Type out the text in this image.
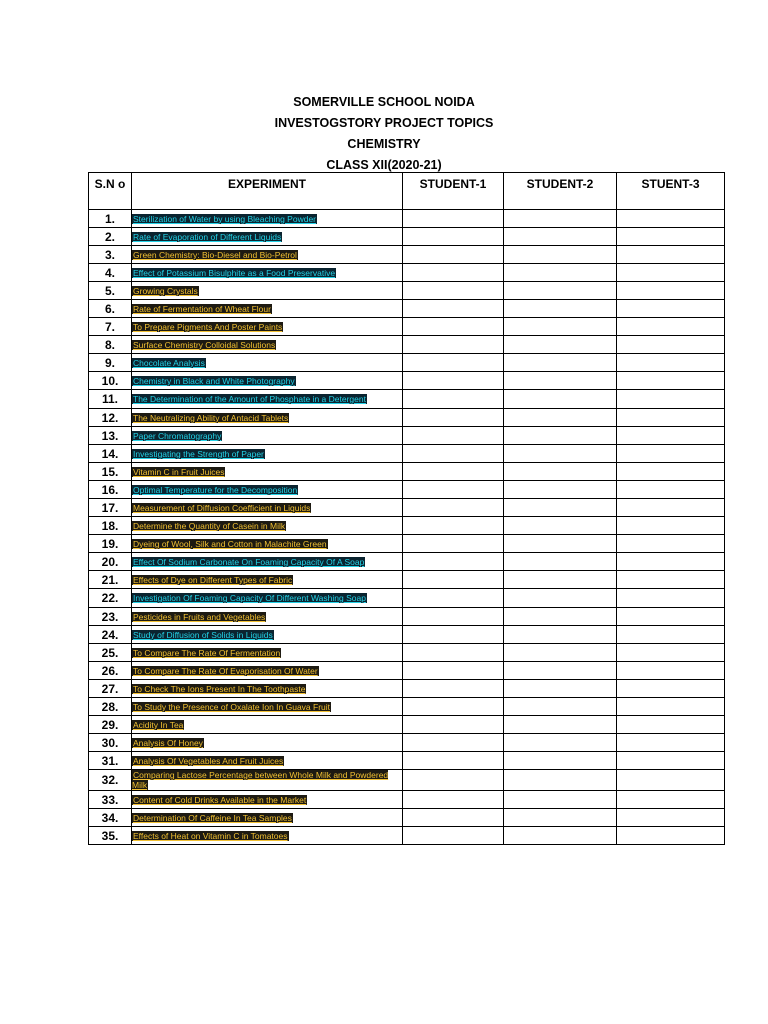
SOMERVILLE SCHOOL NOIDA
INVESTOGSTORY PROJECT TOPICS
CHEMISTRY
CLASS XII(2020-21)
S.N o	EXPERIMENT	STUDENT-1	STUDENT-2	STUENT-3
1.	Sterilization of Water by using Bleaching Powder			
2.	Rate of Evaporation of Different Liquids			
3.	Green Chemistry: Bio-Diesel and Bio-Petrol			
4.	Effect of Potassium Bisulphite as a Food Preservative			
5.	Growing Crystals			
6.	Rate of Fermentation of Wheat Flour			
7.	To Prepare Pigments And Poster Paints			
8.	Surface Chemistry Colloidal Solutions			
9.	Chocolate Analysis			
10.	Chemistry in Black and White Photography			
11.	The Determination of the Amount of Phosphate in a Detergent			
12.	The Neutralizing Ability of Antacid Tablets			
13.	Paper Chromatography			
14.	Investigating the Strength of Paper			
15.	Vitamin C in Fruit Juices			
16.	Optimal Temperature for the Decomposition			
17.	Measurement of Diffusion Coefficient in Liquids			
18.	Determine the Quantity of Casein in Milk			
19.	Dyeing of Wool, Silk and Cotton in Malachite Green			
20.	Effect Of Sodium Carbonate On Foaming Capacity Of A Soap			
21.	Effects of Dye on Different Types of Fabric			
22.	Investigation Of Foaming Capacity Of Different Washing Soap			
23.	Pesticides in Fruits and Vegetables			
24.	Study of Diffusion of Solids in Liquids			
25.	To Compare The Rate Of Fermentation			
26.	To Compare The Rate Of Evaporisation Of Water			
27.	To Check The Ions Present In The Toothpaste			
28.	To Study the Presence of Oxalate Ion In Guava Fruit			
29.	Acidity In Tea			
30.	Analysis Of Honey			
31.	Analysis Of Vegetables And Fruit Juices			
32.	Comparing Lactose Percentage between Whole Milk and Powdered Milk			
33.	Content of Cold Drinks Available in the Market			
34.	Determination Of Caffeine In Tea Samples			
35.	Effects of Heat on Vitamin C in Tomatoes			
